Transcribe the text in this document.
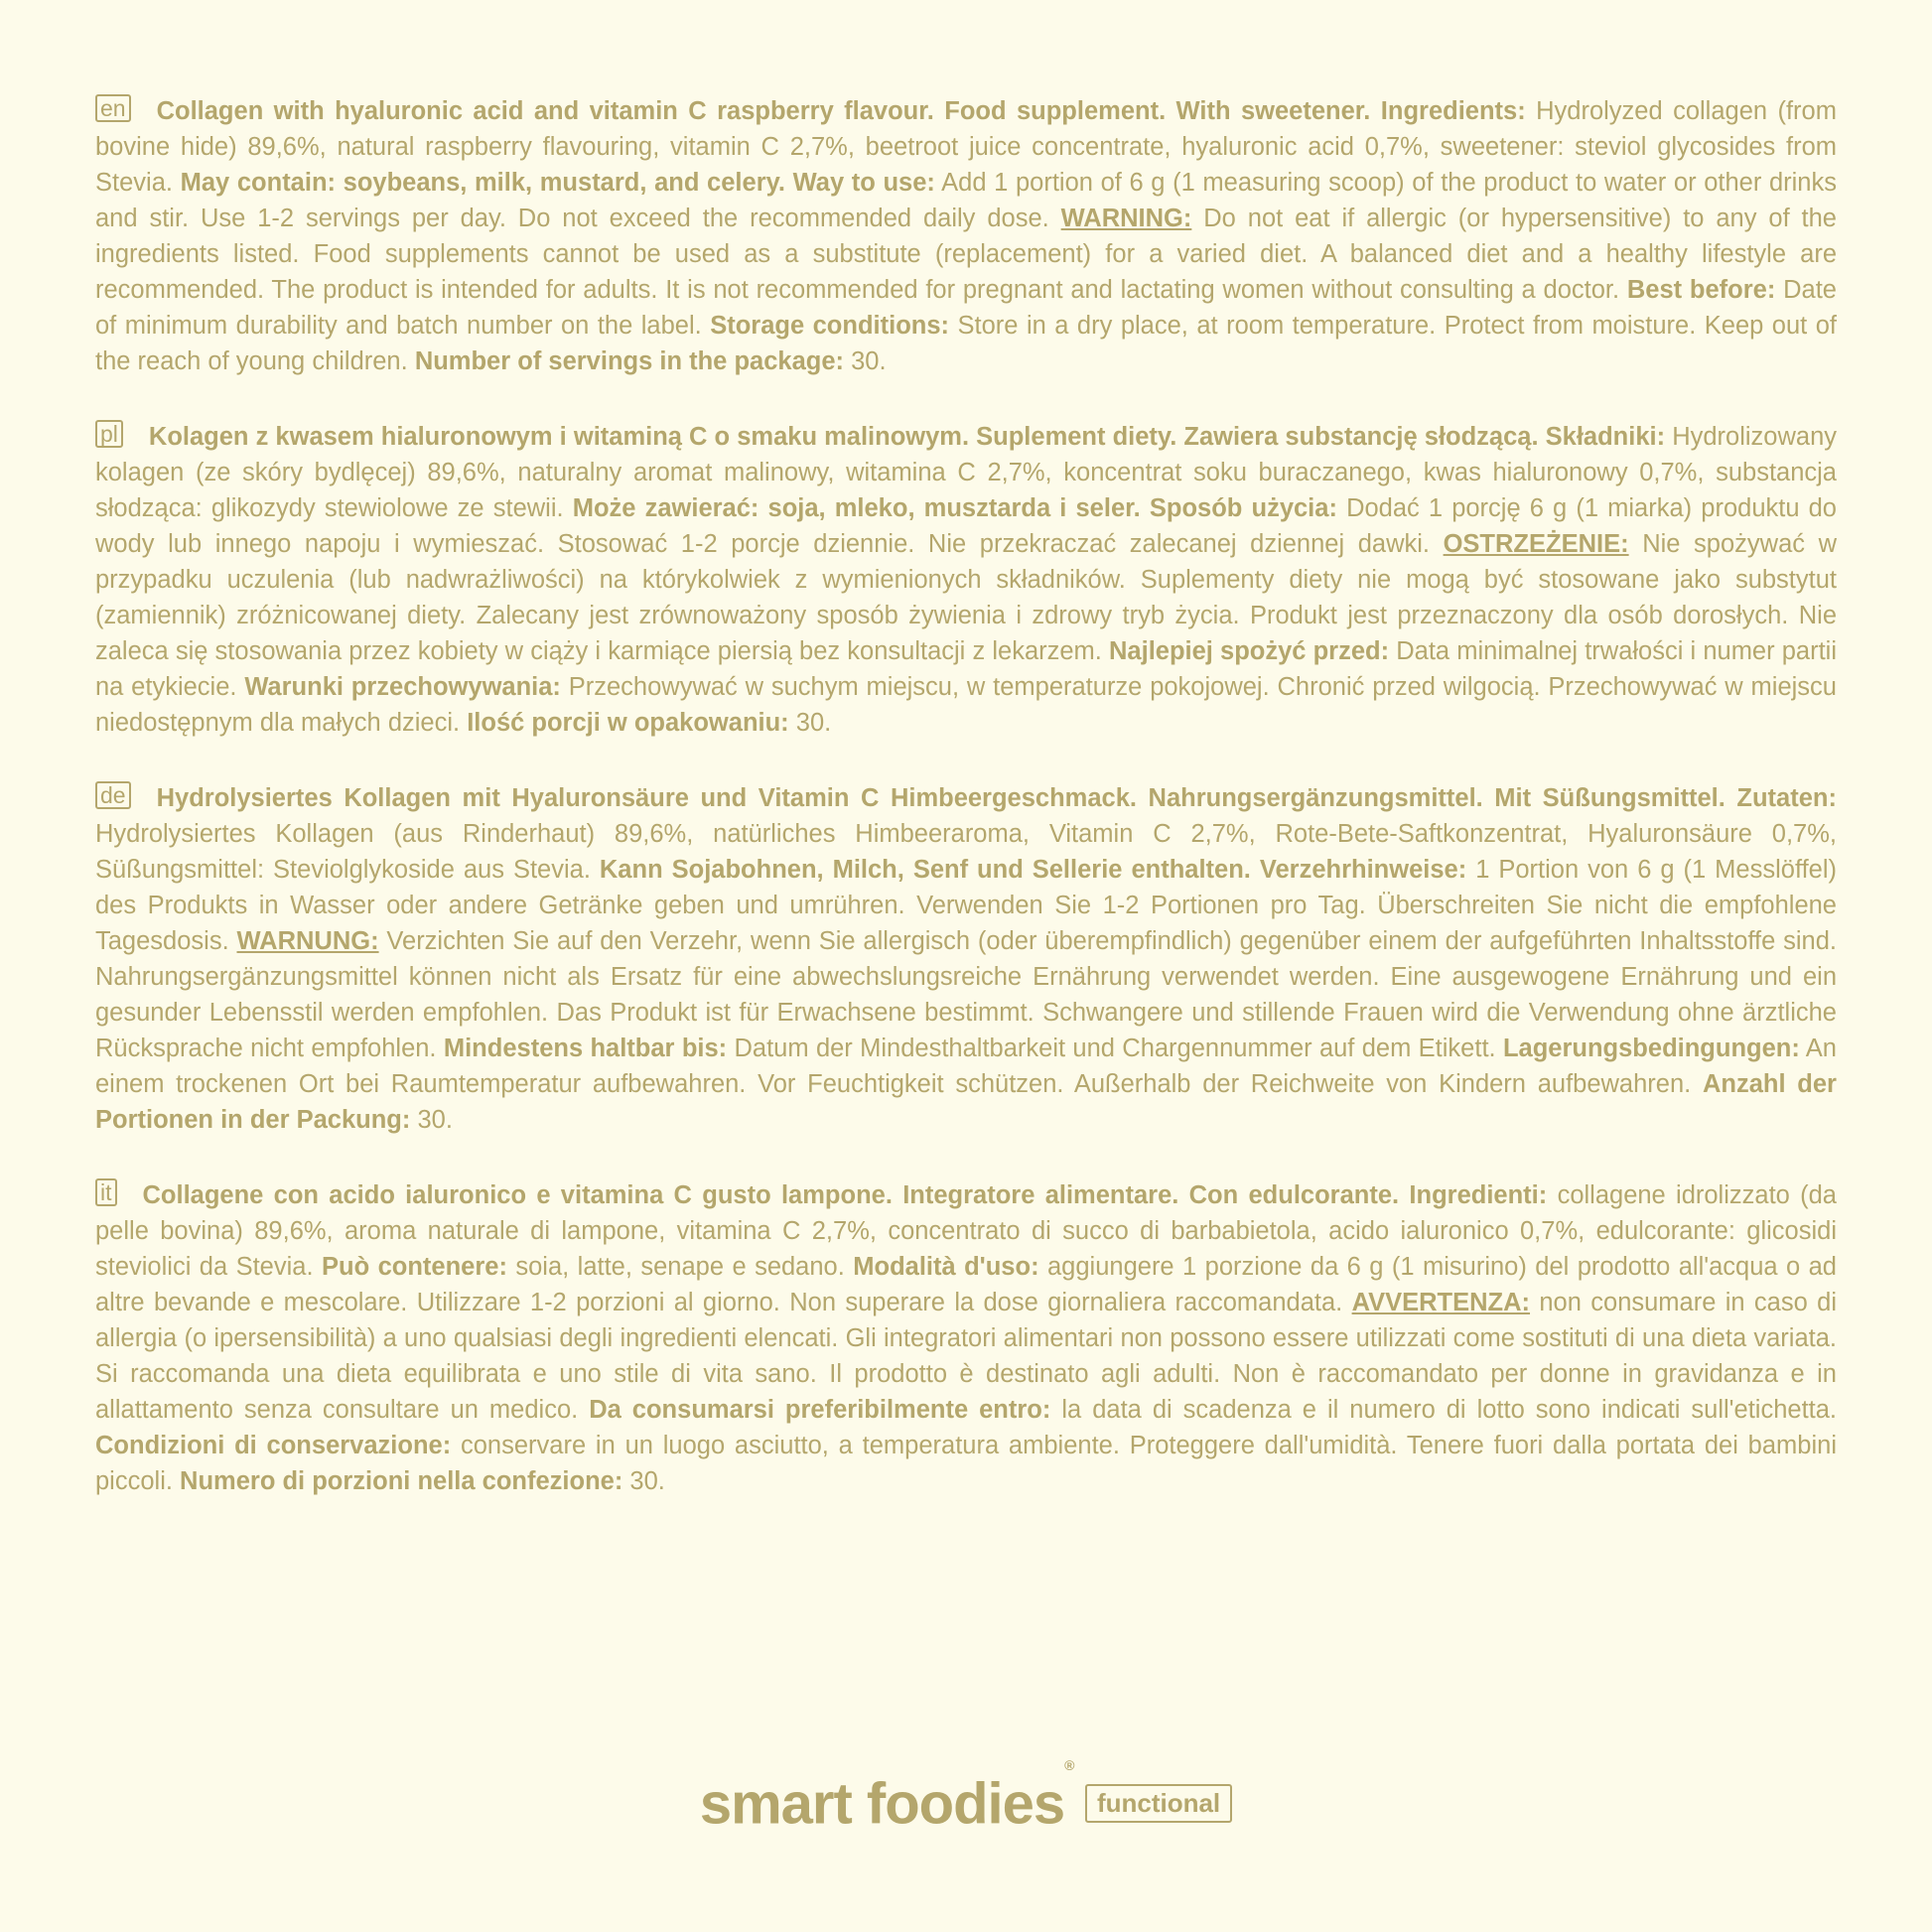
en Collagen with hyaluronic acid and vitamin C raspberry flavour. Food supplement. With sweetener. Ingredients: Hydrolyzed collagen (from bovine hide) 89,6%, natural raspberry flavouring, vitamin C 2,7%, beetroot juice concentrate, hyaluronic acid 0,7%, sweetener: steviol glycosides from Stevia. May contain: soybeans, milk, mustard, and celery. Way to use: Add 1 portion of 6 g (1 measuring scoop) of the product to water or other drinks and stir. Use 1-2 servings per day. Do not exceed the recommended daily dose. WARNING: Do not eat if allergic (or hypersensitive) to any of the ingredients listed. Food supplements cannot be used as a substitute (replacement) for a varied diet. A balanced diet and a healthy lifestyle are recommended. The product is intended for adults. It is not recommended for pregnant and lactating women without consulting a doctor. Best before: Date of minimum durability and batch number on the label. Storage conditions: Store in a dry place, at room temperature. Protect from moisture. Keep out of the reach of young children. Number of servings in the package: 30.

pl Kolagen z kwasem hialuronowym i witaminą C o smaku malinowym. Suplement diety. Zawiera substancję słodzącą. Składniki: Hydrolizowany kolagen (ze skóry bydlęcej) 89,6%, naturalny aromat malinowy, witamina C 2,7%, koncentrat soku buraczanego, kwas hialuronowy 0,7%, substancja słodząca: glikozydy stewiolowe ze stewii. Może zawierać: soja, mleko, musztarda i seler. Sposób użycia: Dodać 1 porcję 6 g (1 miarka) produktu do wody lub innego napoju i wymieszać. Stosować 1-2 porcje dziennie. Nie przekraczać zalecanej dziennej dawki. OSTRZEŻENIE: Nie spożywać w przypadku uczulenia (lub nadwrażliwości) na którykolwiek z wymienionych składników. Suplementy diety nie mogą być stosowane jako substytut (zamiennik) zróżnicowanej diety. Zalecany jest zrównoważony sposób żywienia i zdrowy tryb życia. Produkt jest przeznaczony dla osób dorosłych. Nie zaleca się stosowania przez kobiety w ciąży i karmiące piersią bez konsultacji z lekarzem. Najlepiej spożyć przed: Data minimalnej trwałości i numer partii na etykiecie. Warunki przechowywania: Przechowywać w suchym miejscu, w temperaturze pokojowej. Chronić przed wilgocią. Przechowywać w miejscu niedostępnym dla małych dzieci. Ilość porcji w opakowaniu: 30.

de Hydrolysiertes Kollagen mit Hyaluronsäure und Vitamin C Himbeergeschmack. Nahrungsergänzungsmittel. Mit Süßungsmittel. Zutaten: Hydrolysiertes Kollagen (aus Rinderhaut) 89,6%, natürliches Himbeeraroma, Vitamin C 2,7%, Rote-Bete-Saftkonzentrat, Hyaluronsäure 0,7%, Süßungsmittel: Steviolglykoside aus Stevia. Kann Sojabohnen, Milch, Senf und Sellerie enthalten. Verzehrhinweise: 1 Portion von 6 g (1 Messlöffel) des Produkts in Wasser oder andere Getränke geben und umrühren. Verwenden Sie 1-2 Portionen pro Tag. Überschreiten Sie nicht die empfohlene Tagesdosis. WARNUNG: Verzichten Sie auf den Verzehr, wenn Sie allergisch (oder überempfindlich) gegenüber einem der aufgeführten Inhaltsstoffe sind. Nahrungsergänzungsmittel können nicht als Ersatz für eine abwechslungsreiche Ernährung verwendet werden. Eine ausgewogene Ernährung und ein gesunder Lebensstil werden empfohlen. Das Produkt ist für Erwachsene bestimmt. Schwangere und stillende Frauen wird die Verwendung ohne ärztliche Rücksprache nicht empfohlen. Mindestens haltbar bis: Datum der Mindesthaltbarkeit und Chargennummer auf dem Etikett. Lagerungsbedingungen: An einem trockenen Ort bei Raumtemperatur aufbewahren. Vor Feuchtigkeit schützen. Außerhalb der Reichweite von Kindern aufbewahren. Anzahl der Portionen in der Packung: 30.

it Collagene con acido ialuronico e vitamina C gusto lampone. Integratore alimentare. Con edulcorante. Ingredienti: collagene idrolizzato (da pelle bovina) 89,6%, aroma naturale di lampone, vitamina C 2,7%, concentrato di succo di barbabietola, acido ialuronico 0,7%, edulcorante: glicosidi steviolici da Stevia. Può contenere: soia, latte, senape e sedano. Modalità d'uso: aggiungere 1 porzione da 6 g (1 misurino) del prodotto all'acqua o ad altre bevande e mescolare. Utilizzare 1-2 porzioni al giorno. Non superare la dose giornaliera raccomandata. AVVERTENZA: non consumare in caso di allergia (o ipersensibilità) a uno qualsiasi degli ingredienti elencati. Gli integratori alimentari non possono essere utilizzati come sostituti di una dieta variata. Si raccomanda una dieta equilibrata e uno stile di vita sano. Il prodotto è destinato agli adulti. Non è raccomandato per donne in gravidanza e in allattamento senza consultare un medico. Da consumarsi preferibilmente entro: la data di scadenza e il numero di lotto sono indicati sull'etichetta. Condizioni di conservazione: conservare in un luogo asciutto, a temperatura ambiente. Proteggere dall'umidità. Tenere fuori dalla portata dei bambini piccoli. Numero di porzioni nella confezione: 30.

smart foodies® functional
